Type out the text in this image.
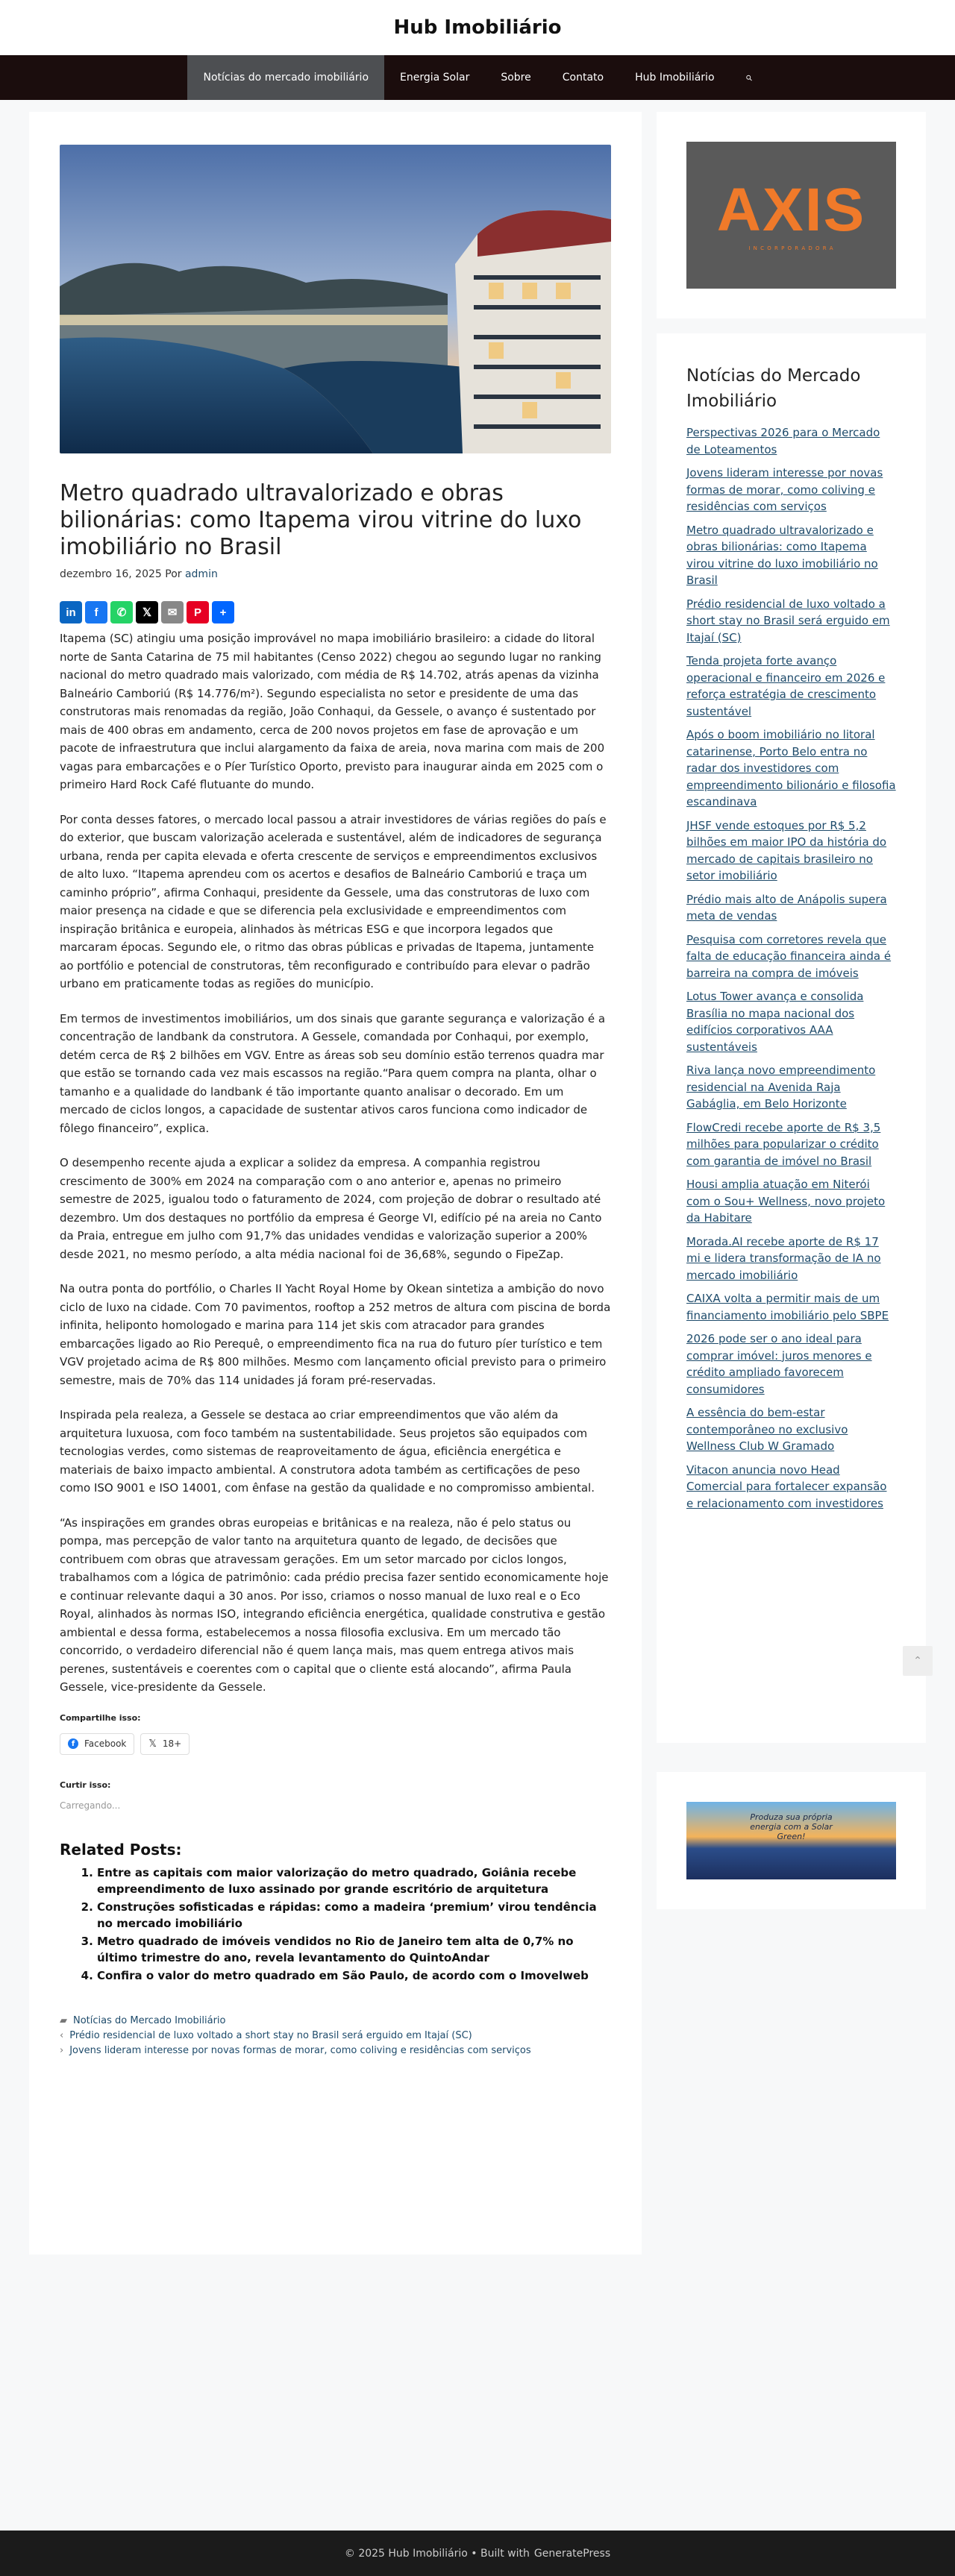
Hub Imobiliário
Notícias do mercado imobiliário	Energia Solar	Sobre	Contato	Hub Imobiliário
Metro quadrado ultravalorizado e obras bilionárias: como Itapema virou vitrine do luxo imobiliário no Brasil
dezembro 16, 2025 Por admin
in	f	✆	𝕏	✉	P	+

Itapema (SC) atingiu uma posição improvável no mapa imobiliário brasileiro: a cidade do litoral norte de Santa Catarina de 75 mil habitantes (Censo 2022) chegou ao segundo lugar no ranking nacional do metro quadrado mais valorizado, com média de R$ 14.702, atrás apenas da vizinha Balneário Camboriú (R$ 14.776/m²). Segundo especialista no setor e presidente de uma das construtoras mais renomadas da região, João Conhaqui, da Gessele, o avanço é sustentado por mais de 400 obras em andamento, cerca de 200 novos projetos em fase de aprovação e um pacote de infraestrutura que inclui alargamento da faixa de areia, nova marina com mais de 200 vagas para embarcações e o Píer Turístico Oporto, previsto para inaugurar ainda em 2025 com o primeiro Hard Rock Café flutuante do mundo.

Por conta desses fatores, o mercado local passou a atrair investidores de várias regiões do país e do exterior, que buscam valorização acelerada e sustentável, além de indicadores de segurança urbana, renda per capita elevada e oferta crescente de serviços e empreendimentos exclusivos de alto luxo. “Itapema aprendeu com os acertos e desafios de Balneário Camboriú e traça um caminho próprio”, afirma Conhaqui, presidente da Gessele, uma das construtoras de luxo com maior presença na cidade e que se diferencia pela exclusividade e empreendimentos com inspiração britânica e europeia, alinhados às métricas ESG e que incorpora legados que marcaram épocas. Segundo ele, o ritmo das obras públicas e privadas de Itapema, juntamente ao portfólio e potencial de construtoras, têm reconfigurado e contribuído para elevar o padrão urbano em praticamente todas as regiões do município.

Em termos de investimentos imobiliários, um dos sinais que garante segurança e valorização é a concentração de landbank da construtora. A Gessele, comandada por Conhaqui, por exemplo, detém cerca de R$ 2 bilhões em VGV. Entre as áreas sob seu domínio estão terrenos quadra mar que estão se tornando cada vez mais escassos na região.“Para quem compra na planta, olhar o tamanho e a qualidade do landbank é tão importante quanto analisar o decorado. Em um mercado de ciclos longos, a capacidade de sustentar ativos caros funciona como indicador de fôlego financeiro”, explica.

O desempenho recente ajuda a explicar a solidez da empresa. A companhia registrou crescimento de 300% em 2024 na comparação com o ano anterior e, apenas no primeiro semestre de 2025, igualou todo o faturamento de 2024, com projeção de dobrar o resultado até dezembro. Um dos destaques no portfólio da empresa é George VI, edifício pé na areia no Canto da Praia, entregue em julho com 91,7% das unidades vendidas e valorização superior a 200% desde 2021, no mesmo período, a alta média nacional foi de 36,68%, segundo o FipeZap.

Na outra ponta do portfólio, o Charles II Yacht Royal Home by Okean sintetiza a ambição do novo ciclo de luxo na cidade. Com 70 pavimentos, rooftop a 252 metros de altura com piscina de borda infinita, heliponto homologado e marina para 114 jet skis com atracador para grandes embarcações ligado ao Rio Perequê, o empreendimento fica na rua do futuro píer turístico e tem VGV projetado acima de R$ 800 milhões. Mesmo com lançamento oficial previsto para o primeiro semestre, mais de 70% das 114 unidades já foram pré-reservadas.

Inspirada pela realeza, a Gessele se destaca ao criar empreendimentos que vão além da arquitetura luxuosa, com foco também na sustentabilidade. Seus projetos são equipados com tecnologias verdes, como sistemas de reaproveitamento de água, eficiência energética e materiais de baixo impacto ambiental. A construtora adota também as certificações de peso como ISO 9001 e ISO 14001, com ênfase na gestão da qualidade e no compromisso ambiental.

“As inspirações em grandes obras europeias e britânicas e na realeza, não é pelo status ou pompa, mas percepção de valor tanto na arquitetura quanto de legado, de decisões que contribuem com obras que atravessam gerações. Em um setor marcado por ciclos longos, trabalhamos com a lógica de patrimônio: cada prédio precisa fazer sentido economicamente hoje e continuar relevante daqui a 30 anos. Por isso, criamos o nosso manual de luxo real e o Eco Royal, alinhados às normas ISO, integrando eficiência energética, qualidade construtiva e gestão ambiental e dessa forma, estabelecemos a nossa filosofia exclusiva. Em um mercado tão concorrido, o verdadeiro diferencial não é quem lança mais, mas quem entrega ativos mais perenes, sustentáveis e coerentes com o capital que o cliente está alocando”, afirma Paula Gessele, vice-presidente da Gessele.

Compartilhe isso:
f	Facebook 𝕏 18+
Curtir isso:
Carregando...
Related Posts:
1. Entre as capitais com maior valorização do metro quadrado, Goiânia recebe empreendimento de luxo assinado por grande escritório de arquitetura
2. Construções sofisticadas e rápidas: como a madeira ‘premium’ virou tendência no mercado imobiliário
3. Metro quadrado de imóveis vendidos no Rio de Janeiro tem alta de 0,7% no último trimestre do ano, revela levantamento do QuintoAndar
4. Confira o valor do metro quadrado em São Paulo, de acordo com o Imovelweb
▰ Notícias do Mercado Imobiliário
‹ Prédio residencial de luxo voltado a short stay no Brasil será erguido em Itajaí (SC)
› Jovens lideram interesse por novas formas de morar, como coliving e residências com serviços
AXIS
I N C O R P O R A D O R A
Notícias do Mercado Imobiliário
Perspectivas 2026 para o Mercado de Loteamentos
Jovens lideram interesse por novas formas de morar, como coliving e residências com serviços
Metro quadrado ultravalorizado e obras bilionárias: como Itapema virou vitrine do luxo imobiliário no Brasil
Prédio residencial de luxo voltado a short stay no Brasil será erguido em Itajaí (SC)
Tenda projeta forte avanço operacional e financeiro em 2026 e reforça estratégia de crescimento sustentável
Após o boom imobiliário no litoral catarinense, Porto Belo entra no radar dos investidores com empreendimento bilionário e filosofia escandinava
JHSF vende estoques por R$ 5,2 bilhões em maior IPO da história do mercado de capitais brasileiro no setor imobiliário
Prédio mais alto de Anápolis supera meta de vendas
Pesquisa com corretores revela que falta de educação financeira ainda é barreira na compra de imóveis
Lotus Tower avança e consolida Brasília no mapa nacional dos edifícios corporativos AAA sustentáveis
Riva lança novo empreendimento residencial na Avenida Raja Gabáglia, em Belo Horizonte
FlowCredi recebe aporte de R$ 3,5 milhões para popularizar o crédito com garantia de imóvel no Brasil
Housi amplia atuação em Niterói com o Sou+ Wellness, novo projeto da Habitare
Morada.AI recebe aporte de R$ 17 mi e lidera transformação de IA no mercado imobiliário
CAIXA volta a permitir mais de um financiamento imobiliário pelo SBPE
2026 pode ser o ano ideal para comprar imóvel: juros menores e crédito ampliado favorecem consumidores
A essência do bem-estar contemporâneo no exclusivo Wellness Club W Gramado
Vitacon anuncia novo Head Comercial para fortalecer expansão e relacionamento com investidores
Produza sua própria energia com a Solar Green!
⌃
© 2025 Hub Imobiliário • Built with GeneratePress
